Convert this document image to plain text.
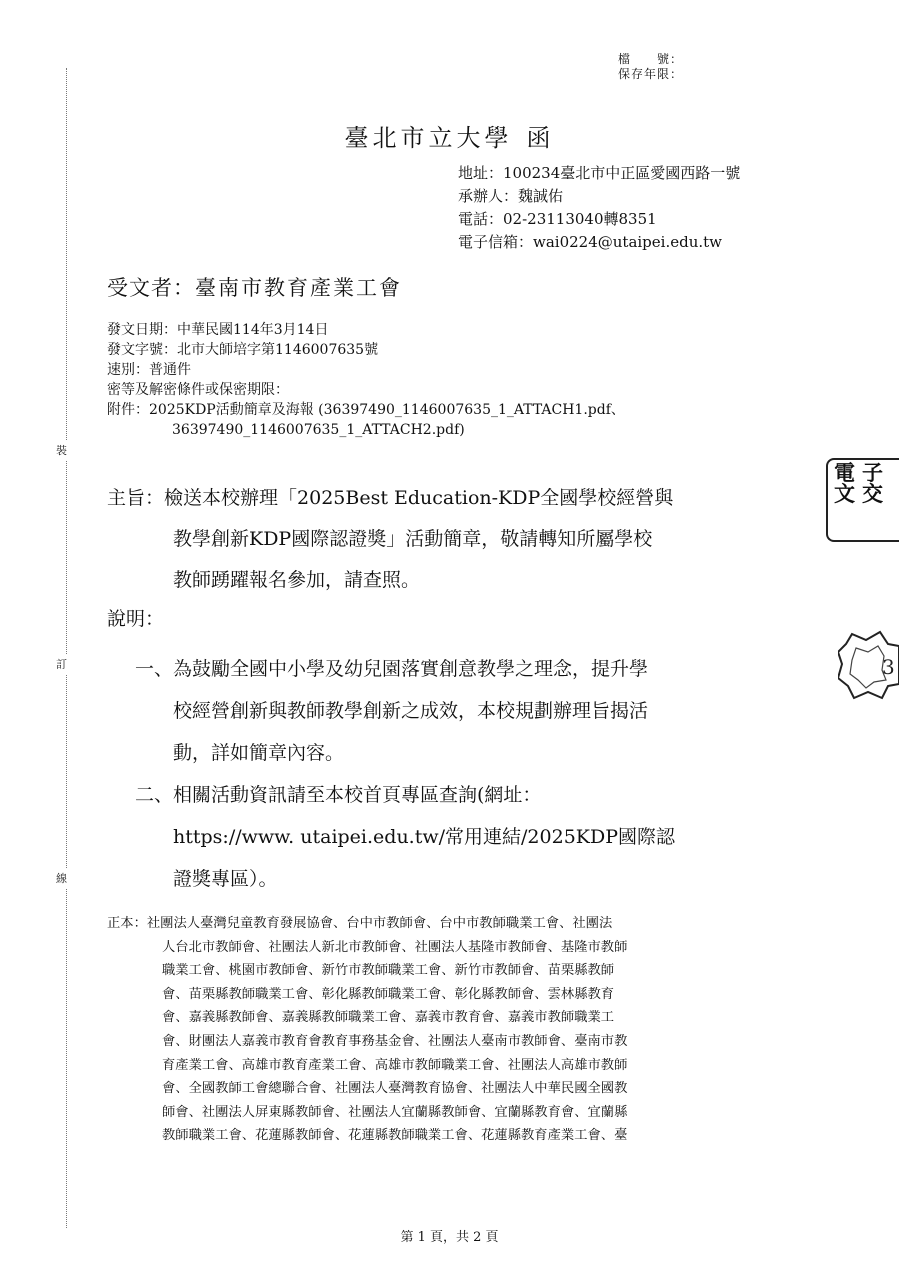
裝
訂
線
檔　　號：
保存年限：
臺北市立大學 函
地址：100234臺北市中正區愛國西路一號
承辦人：魏誠佑
電話：02-23113040轉8351
電子信箱：wai0224@utaipei.edu.tw
受文者：臺南市教育產業工會
發文日期：中華民國114年3月14日
發文字號：北市大師培字第1146007635號
速別：普通件
密等及解密條件或保密期限：
附件：2025KDP活動簡章及海報 (36397490_1146007635_1_ATTACH1.pdf、
36397490_1146007635_1_ATTACH2.pdf)
主旨：檢送本校辦理「2025Best Education-KDP全國學校經營與
教學創新KDP國際認證獎」活動簡章，敬請轉知所屬學校
教師踴躍報名參加，請查照。
說明：
一、為鼓勵全國中小學及幼兒園落實創意教學之理念，提升學
校經營創新與教師教學創新之成效，本校規劃辦理旨揭活
動，詳如簡章內容。
二、相關活動資訊請至本校首頁專區查詢(網址：
https://www. utaipei.edu.tw/常用連結/2025KDP國際認
證獎專區）。
正本：社團法人臺灣兒童教育發展協會、台中市教師會、台中市教師職業工會、社團法
人台北市教師會、社團法人新北市教師會、社團法人基隆市教師會、基隆市教師
職業工會、桃園市教師會、新竹市教師職業工會、新竹市教師會、苗栗縣教師
會、苗栗縣教師職業工會、彰化縣教師職業工會、彰化縣教師會、雲林縣教育
會、嘉義縣教師會、嘉義縣教師職業工會、嘉義市教育會、嘉義市教師職業工
會、財團法人嘉義市教育會教育事務基金會、社團法人臺南市教師會、臺南市教
育產業工會、高雄市教育產業工會、高雄市教師職業工會、社團法人高雄市教師
會、全國教師工會總聯合會、社團法人臺灣教育協會、社團法人中華民國全國教
師會、社團法人屏東縣教師會、社團法人宜蘭縣教師會、宜蘭縣教育會、宜蘭縣
教師職業工會、花蓮縣教師會、花蓮縣教師職業工會、花蓮縣教育產業工會、臺
第 1 頁，共 2 頁
電
文
子
交
3
